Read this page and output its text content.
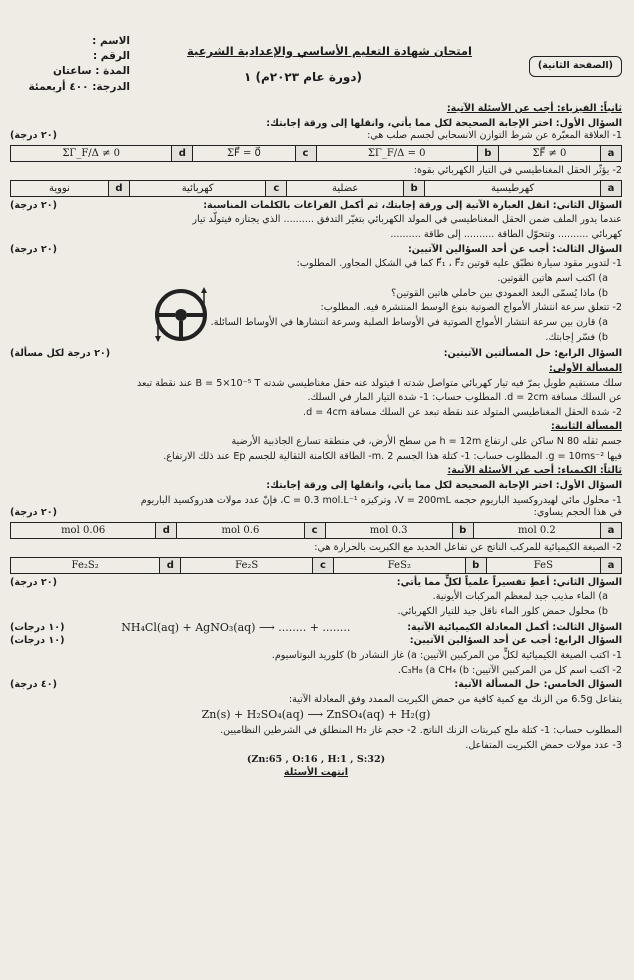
الاسم :
الرقم :
المدة : ساعتان
الدرجة: ٤٠٠ أربعمئة
امتحان شهادة التعليم الأساسي والإعدادية الشرعية
(دورة عام ٢٠٢٣م) ١
(الصفحة الثانية)
ثانياً: الفيزياء: أجب عن الأسئلة الآتية:
السؤال الأول: اختر الإجابة الصحيحة لكل مما يأتي، وانقلها إلى ورقة إجابتك:
1- العلاقة المعبّرة عن شرط التوازن الانسحابي لجسم صلب هي:
(٢٠ درجة)
a	ΣF⃗ ≠ 0	b	ΣΓ_F/Δ = 0	c	ΣF⃗ = 0⃗	d	ΣΓ_F/Δ ≠ 0
2- يؤثّر الحقل المغناطيسي في التيار الكهربائي بقوة:
a	كهرطيسية	b	عضلية	c	كهربائية	d	نووية
السؤال الثاني: انقل العبارة الآتية إلى ورقة إجابتك، ثم أكمل الفراغات بالكلمات المناسبة:
(٢٠ درجة)
عندما يدور الملف ضمن الحقل المغناطيسي في المولد الكهربائي بتغيّر التدفق .......... الذي يجتازه فيتولّد تيار
كهربائي .......... وتتحوّل الطاقة .......... إلى طاقة ..........
السؤال الثالث: أجب عن أحد السؤالين الآتيين:
(٢٠ درجة)
1- لتدوير مقود سيارة نطبّق عليه قوتين F⃗₁ ، F⃗₂ كما في الشكل المجاور. المطلوب:
a) اكتب اسم هاتين القوتين.
b) ماذا يُسمّى البعد العمودي بين حاملي هاتين القوتين؟
2- تتعلق سرعة انتشار الأمواج الصوتية بنوع الوسط المنتشرة فيه. المطلوب:
a) قارن بين سرعة انتشار الأمواج الصوتية في الأوساط الصلبة وسرعة انتشارها في الأوساط السائلة.
b) فسّر إجابتك.
السؤال الرابع: حل المسألتين الآتيتين:
(٢٠ درجة لكل مسألة)
المسألة الأولى:
سلك مستقيم طويل يمرّ فيه تيار كهربائي متواصل شدته I فيتولد عنه حقل مغناطيسي شدته B = 5×10⁻⁵ T عند نقطة تبعد
عن السلك مسافة d = 2cm. المطلوب حساب: 1- شدة التيار المار في السلك.
2- شدة الحقل المغناطيسي المتولد عند نقطة تبعد عن السلك مسافة d = 4cm.
المسألة الثانية:
جسم ثقله 80 N ساكن على ارتفاع h = 12m من سطح الأرض، في منطقة تسارع الجاذبية الأرضية
فيها g = 10ms⁻². المطلوب حساب: 1- كتلة هذا الجسم m. 2- الطاقة الكامنة الثقالية للجسم Ep عند ذلك الارتفاع.
ثالثاً: الكيمياء: أجب عن الأسئلة الآتية:
السؤال الأول: اختر الإجابة الصحيحة لكل مما يأتي، وانقلها إلى ورقة إجابتك:
1- محلول مائي لهيدروكسيد الباريوم حجمه V = 200mL، وتركيزه C = 0.3 mol.L⁻¹، فإنّ عدد مولات هدروكسيد الباريوم
في هذا الحجم يساوي:
(٢٠ درجة)
a	0.2 mol	b	0.3 mol	c	0.6 mol	d	0.06 mol
2- الصيغة الكيميائية للمركب الناتج عن تفاعل الحديد مع الكبريت بالحرارة هي:
a	FeS	b	FeS₂	c	Fe₂S	d	Fe₂S₂
السؤال الثاني: أعطِ تفسيراً علمياً لكلٍّ مما يأتي:
(٢٠ درجة)
a) الماء مذيب جيد لمعظم المركبات الأيونية.
b) محلول حمض كلور الماء ناقل جيد للتيار الكهربائي.
السؤال الثالث: أكمل المعادلة الكيميائية الآتية:
NH₄Cl(aq) + AgNO₃(aq) ⟶ ........ + ........
(١٠ درجات)
السؤال الرابع: أجب عن أحد السؤالين الآتيين:
(١٠ درجات)
1- اكتب الصيغة الكيميائية لكلٍّ من المركبين الآتيين: a) غاز النشادر b) كلوريد البوتاسيوم.
2- اكتب اسم كل من المركبين الآتيين: C₃H₈ (a CH₄ (b.
السؤال الخامس: حل المسألة الآتية:
(٤٠ درجة)
يتفاعل 6.5g من الزنك مع كمية كافية من حمض الكبريت الممدد وفق المعادلة الآتية:
Zn(s) + H₂SO₄(aq) ⟶ ZnSO₄(aq) + H₂(g)
المطلوب حساب: 1- كتلة ملح كبريتات الزنك الناتج. 2- حجم غاز H₂ المنطلق في الشرطين النظاميين.
3- عدد مولات حمض الكبريت المتفاعل.
(Zn:65 , O:16 , H:1 , S:32)
انتهت الأسئلة
